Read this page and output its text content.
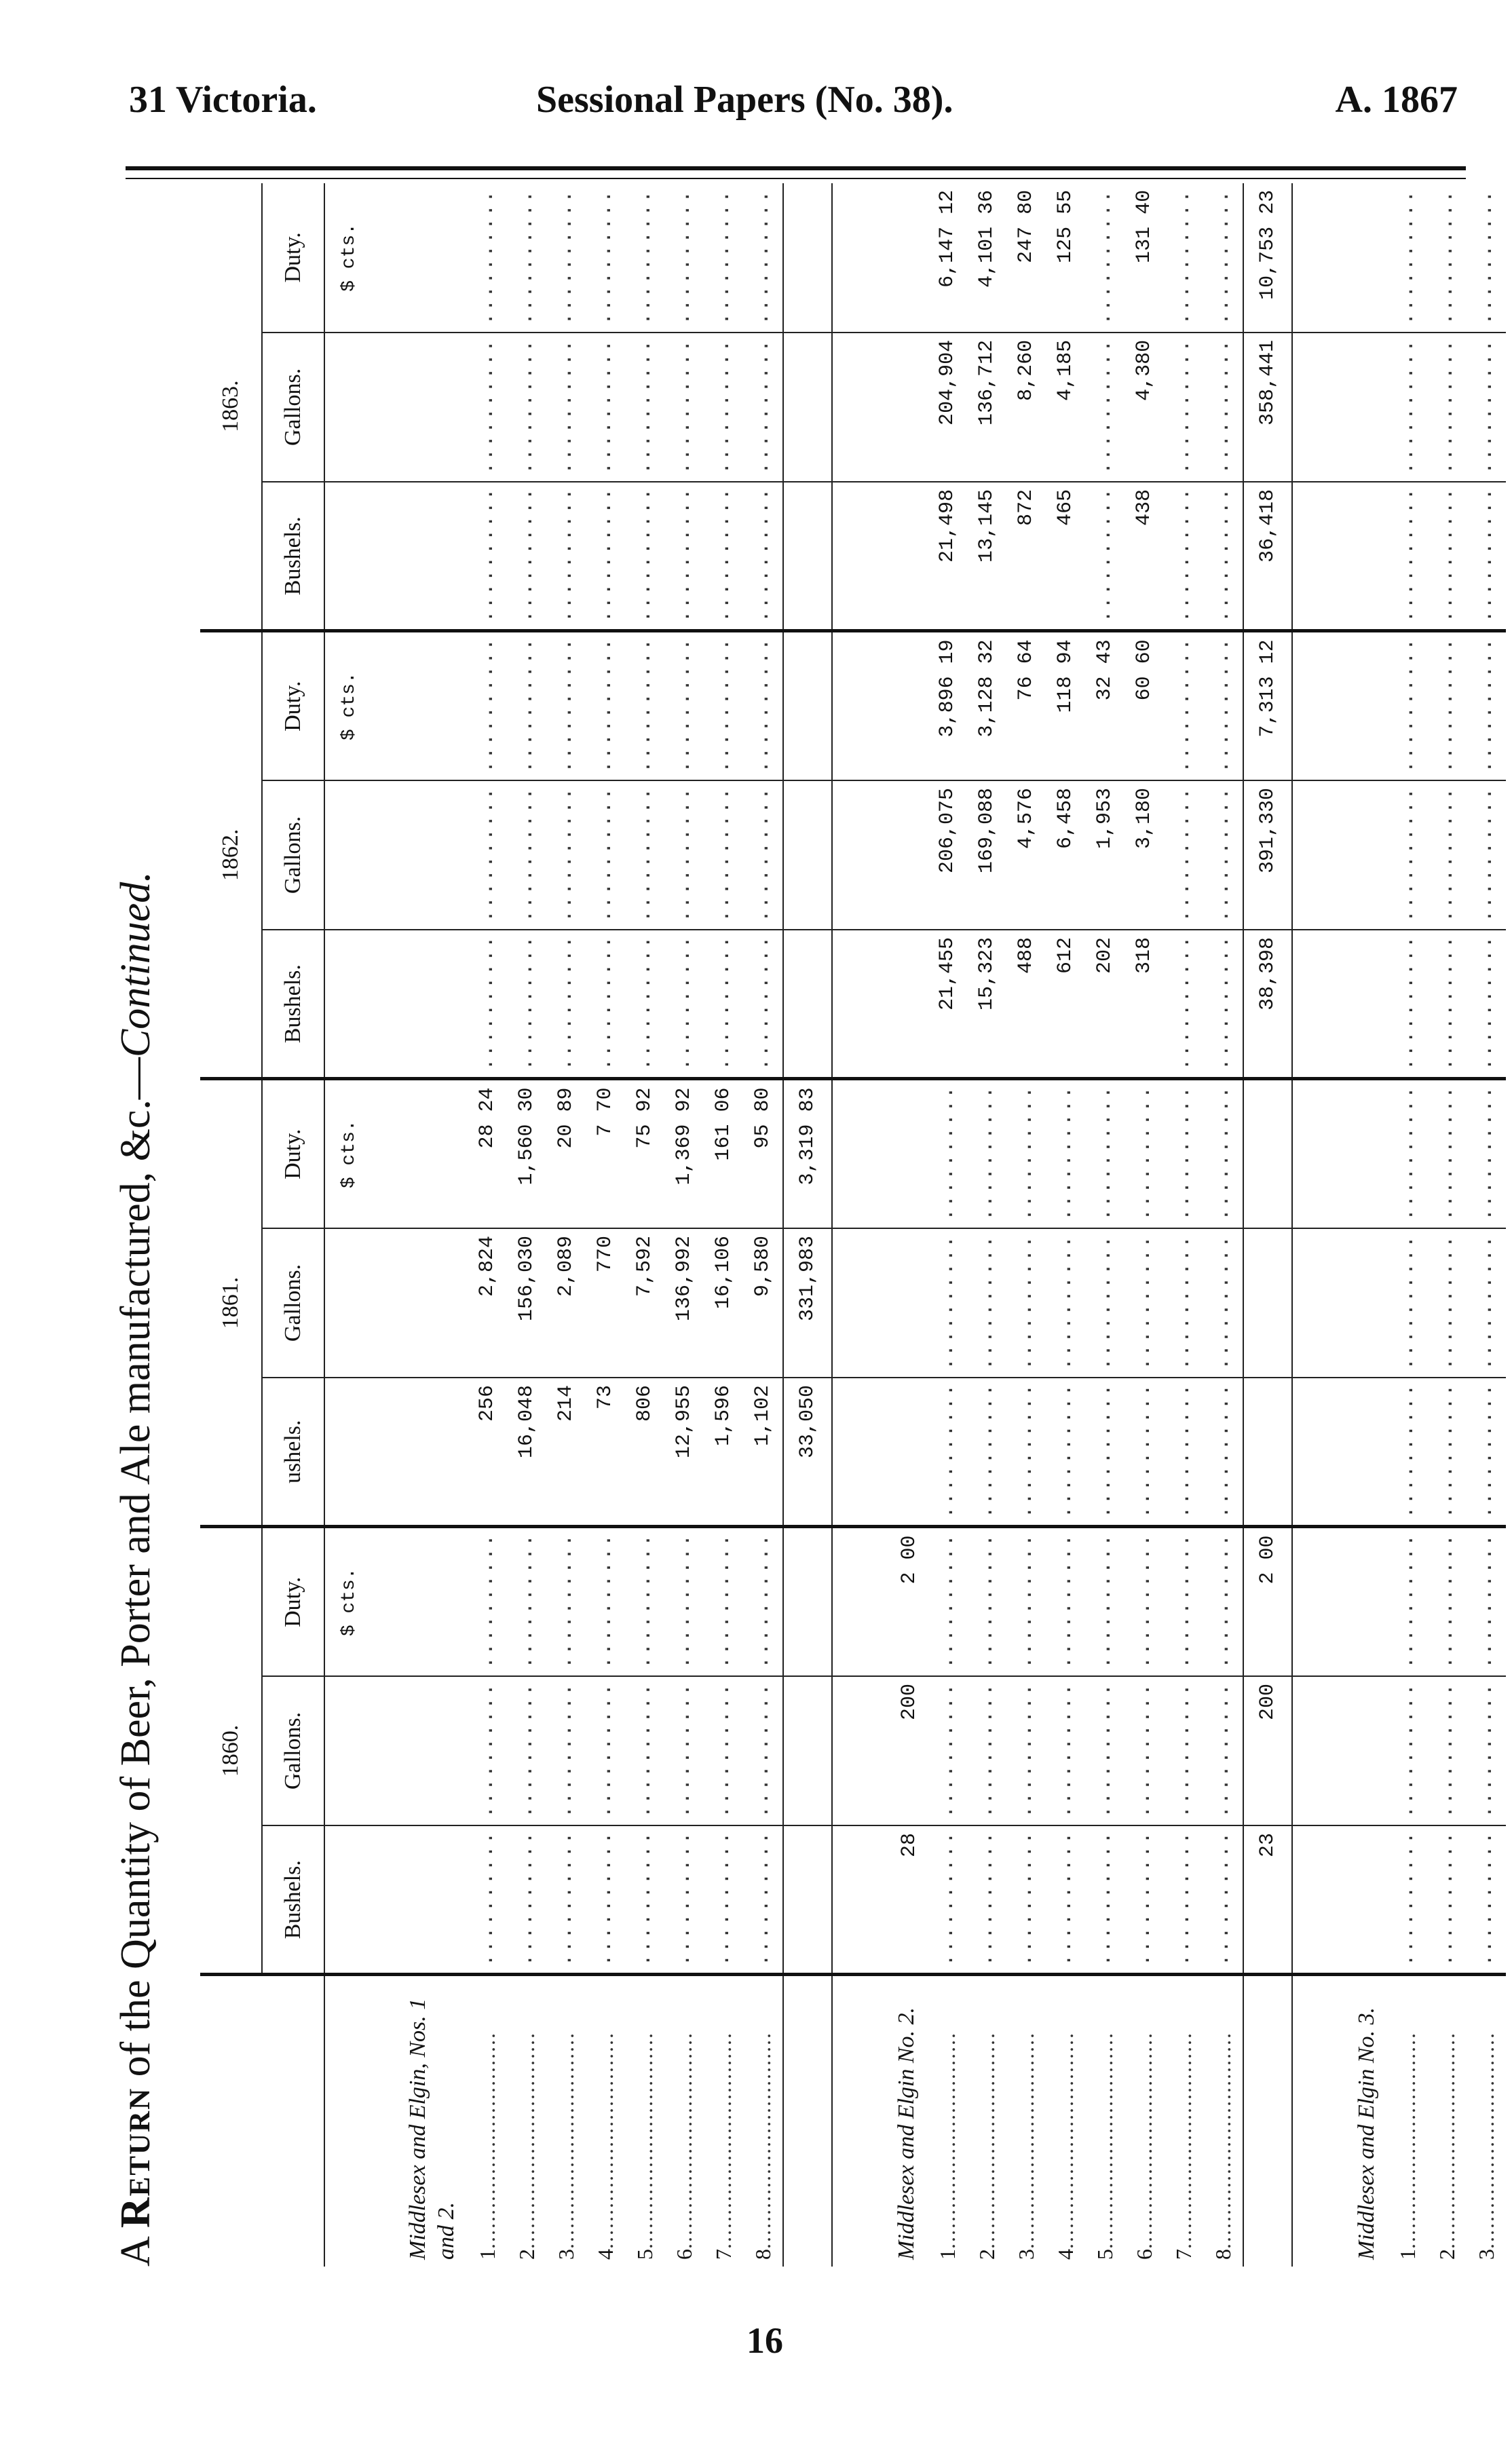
31 Victoria.	Sessional Papers (No. 38).	A. 1867
A Return of the Quantity of Beer, Porter and Ale manufactured, &c.—Continued.
	1860.			1861.			1862.			1863.		
	Bushels.	Gallons.	Duty.	ushels.	Gallons.	Duty.	Bushels.	Gallons.	Duty.	Bushels.	Gallons.	Duty.
			$ cts.			$ cts.			$ cts.			$ cts.
Middlesex and Elgin, Nos. 1 and 2.												
1................................	..........	..........	..........	256	2,824	28 24	..........	..........	..........	..........	..........	..........
2................................	..........	..........	..........	16,048	156,030	1,560 30	..........	..........	..........	..........	..........	..........
3................................	..........	..........	..........	214	2,089	20 89	..........	..........	..........	..........	..........	..........
4................................	..........	..........	..........	73	770	7 70	..........	..........	..........	..........	..........	..........
5................................	..........	..........	..........	806	7,592	75 92	..........	..........	..........	..........	..........	..........
6................................	..........	..........	..........	12,955	136,992	1,369 92	..........	..........	..........	..........	..........	..........
7................................	..........	..........	..........	1,596	16,106	161 06	..........	..........	..........	..........	..........	..........
8................................	..........	..........	..........	1,102	9,580	95 80	..........	..........	..........	..........	..........	..........
				33,050	331,983	3,319 83						
Middlesex and Elgin No. 2.	28	200	2 00									
1................................	..........	..........	..........	..........	..........	..........	21,455	206,075	3,896 19	21,498	204,904	6,147 12
2................................	..........	..........	..........	..........	..........	..........	15,323	169,088	3,128 32	13,145	136,712	4,101 36
3................................	..........	..........	..........	..........	..........	..........	488	4,576	76 64	872	8,260	247 80
4................................	..........	..........	..........	..........	..........	..........	612	6,458	118 94	465	4,185	125 55
5................................	..........	..........	..........	..........	..........	..........	202	1,953	32 43	..........	..........	..........
6................................	..........	..........	..........	..........	..........	..........	318	3,180	60 60	438	4,380	131 40
7................................	..........	..........	..........	..........	..........	..........	..........	..........	..........	..........	..........	..........
8................................	..........	..........	..........	..........	..........	..........	..........	..........	..........	..........	..........	..........
	23	200	2 00				38,398	391,330	7,313 12	36,418	358,441	10,753 23
Middlesex and Elgin No. 3.												
1................................	..........	..........	..........	..........	..........	..........	..........	..........	..........	..........	..........	..........
2................................	..........	..........	..........	..........	..........	..........	..........	..........	..........	..........	..........	..........
3................................	..........	..........	..........	..........	..........	..........	..........	..........	..........	..........	..........	..........
16
